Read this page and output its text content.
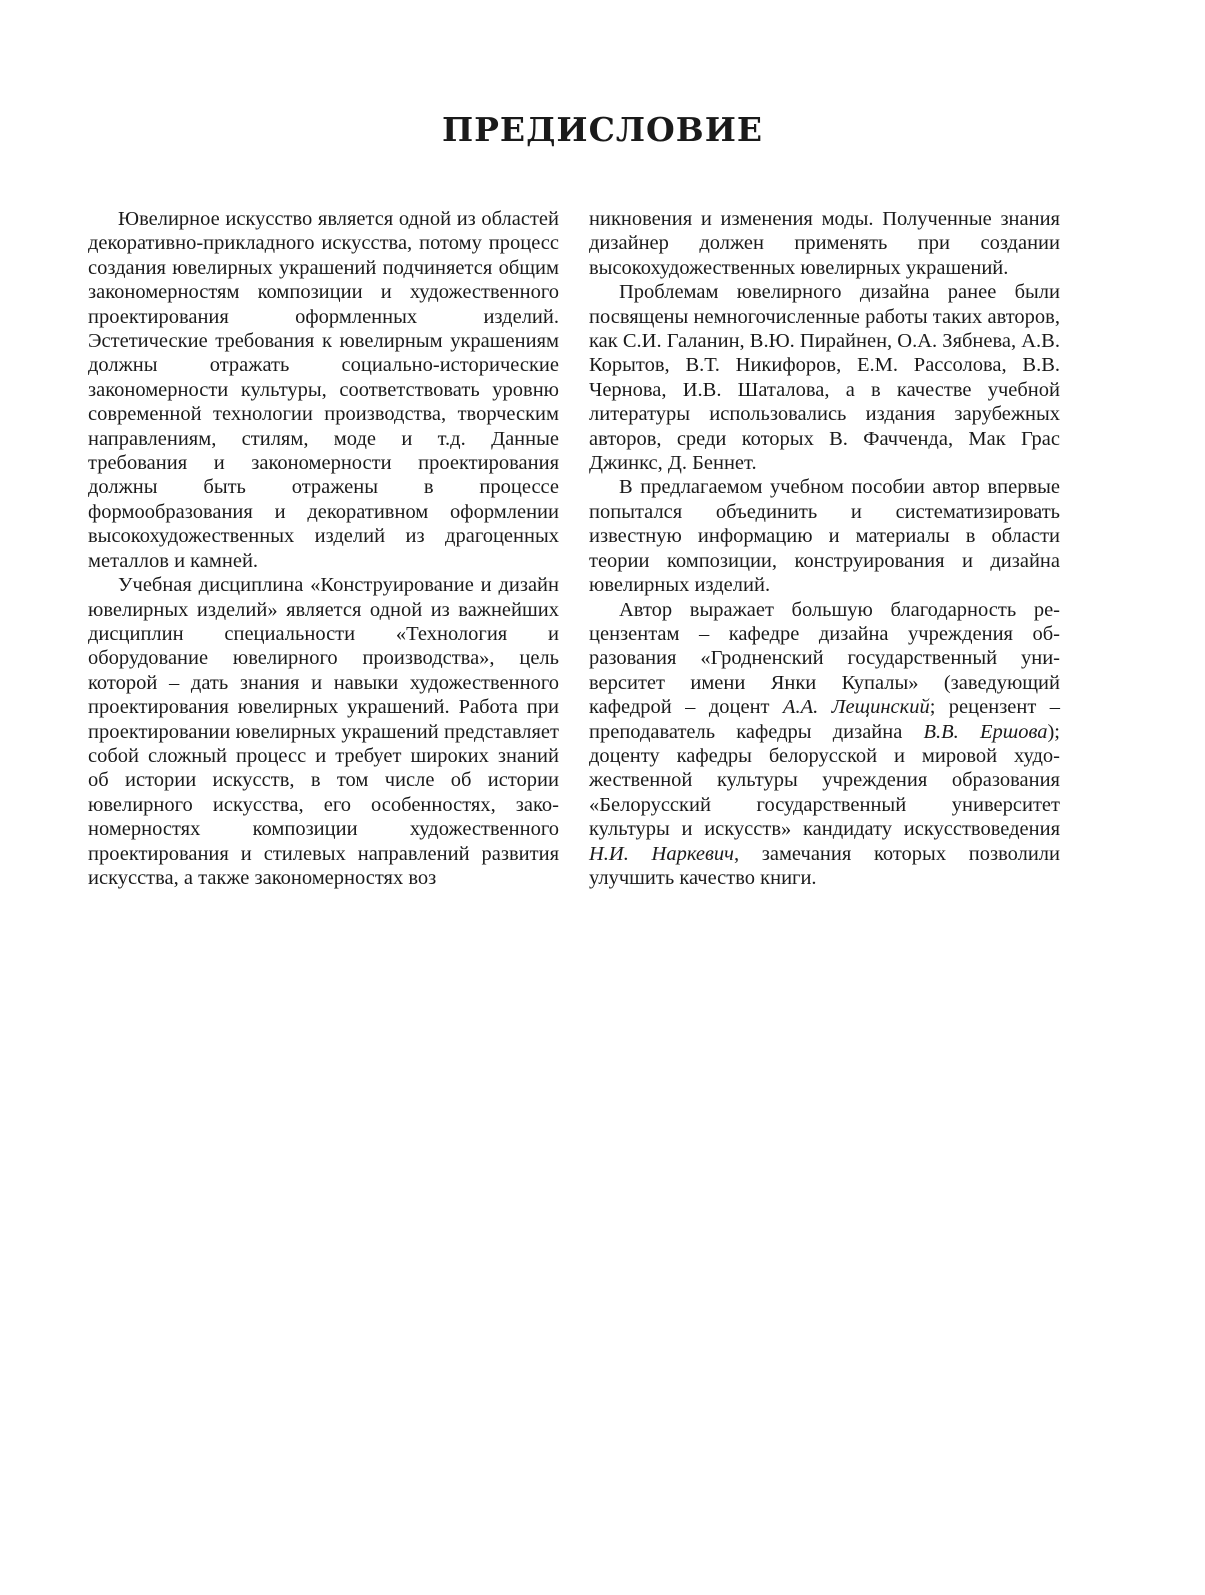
ПРЕДИСЛОВИЕ

Ювелирное искусство является одной из областей декоративно-прикладного искусства, потому процесс создания ювелирных украшений подчиняется общим закономерностям композиции и художественного проектирования оформленных изделий. Эстетические требования к ювелирным украшениям должны отражать социально-исторические закономерности культуры, соответствовать уровню современной технологии производства, творческим направлениям, стилям, моде и т.д. Данные требования и закономерности проектирования должны быть отражены в процессе формообразования и декоративном оформлении высокохудожественных изделий из драгоценных металлов и камней.

Учебная дисциплина «Конструирование и дизайн ювелирных изделий» является одной из важнейших дисциплин специальности «Технология и оборудование ювелирного производства», цель которой – дать знания и навыки художественного проектирования ювелирных украшений. Работа при проектировании ювелирных украшений представляет собой сложный процесс и требует широких знаний об истории искусств, в том числе об истории ювелирного искусства, его особенностях, закономерностях композиции художественного проектирования и стилевых направлений развития искусства, а также закономерностях воз

никновения и изменения моды. Полученные знания дизайнер должен применять при создании высокохудожественных ювелирных украшений.

Проблемам ювелирного дизайна ранее были посвящены немногочисленные работы таких авторов, как С.И. Галанин, В.Ю. Пирайнен, О.А. Зябнева, А.В. Корытов, В.Т. Никифоров, Е.М. Рассолова, В.В. Чернова, И.В. Шаталова, а в качестве учебной литературы использовались издания зарубежных авторов, среди которых В. Фачченда, Мак Грас Джинкс, Д. Беннет.

В предлагаемом учебном пособии автор впервые попытался объединить и систематизировать известную информацию и материалы в области теории композиции, конструирования и дизайна ювелирных изделий.

Автор выражает большую благодарность рецензентам – кафедре дизайна учреждения образования «Гродненский государственный университет имени Янки Купалы» (заведующий кафедрой – доцент А.А. Лещинский; рецензент – преподаватель кафедры дизайна В.В. Ершова); доценту кафедры белорусской и мировой художественной культуры учреждения образования «Белорусский государственный университет культуры и искусств» кандидату искусствоведения Н.И. Наркевич, замечания которых позволили улучшить качество книги.
